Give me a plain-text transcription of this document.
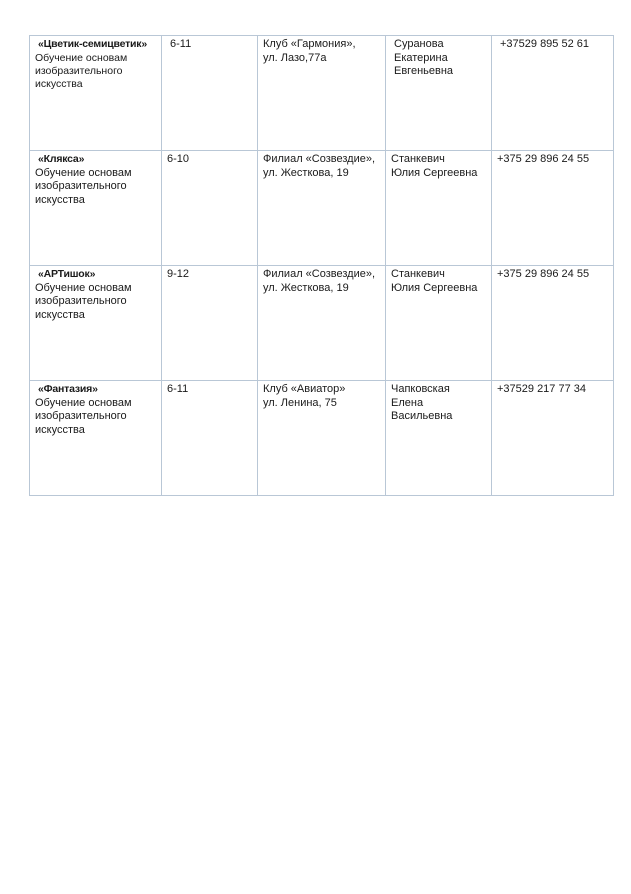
«Цветик-семицветик»
Обучение основам
изобразительного
искусства	6-11	Клуб «Гармония»,
ул. Лазо,77а	Суранова
Екатерина
Евгеньевна	+37529 895 52 61

«Клякса»
Обучение основам
изобразительного
искусства	6-10	Филиал «Созвездие»,
ул. Жесткова, 19	Станкевич
Юлия Сергеевна	+375 29 896 24 55

«АРТишок»
Обучение основам
изобразительного
искусства	9-12	Филиал «Созвездие»,
ул. Жесткова, 19	Станкевич
Юлия Сергеевна	+375 29 896 24 55

«Фантазия»
Обучение основам
изобразительного
искусства	6-11	Клуб «Авиатор»
ул. Ленина, 75	Чапковская
Елена Васильевна	+37529 217 77 34
